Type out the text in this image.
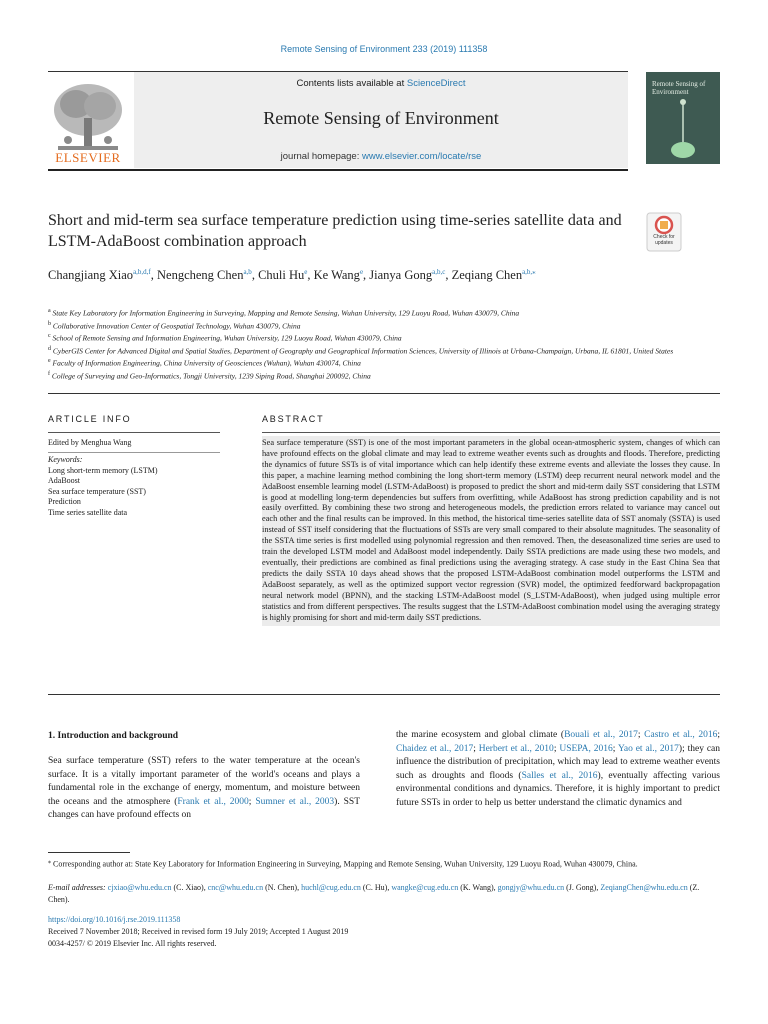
Remote Sensing of Environment 233 (2019) 111358
Contents lists available at ScienceDirect
Remote Sensing of Environment
journal homepage: www.elsevier.com/locate/rse
ELSEVIER
Remote Sensing of Environment
Short and mid-term sea surface temperature prediction using time-series satellite data and LSTM-AdaBoost combination approach	Check for updates
Changjiang Xiao$^{a,b,d,f}$, Nengcheng Chen$^{a,b}$, Chuli Hu$^e$, Ke Wang$^e$, Jianya Gong$^{a,b,c}$, Zeqiang Chen$^{a,b,⁎}$
$^a$ State Key Laboratory for Information Engineering in Surveying, Mapping and Remote Sensing, Wuhan University, 129 Luoyu Road, Wuhan 430079, China
$^b$ Collaborative Innovation Center of Geospatial Technology, Wuhan 430079, China
$^c$ School of Remote Sensing and Information Engineering, Wuhan University, 129 Luoyu Road, Wuhan 430079, China
$^d$ CyberGIS Center for Advanced Digital and Spatial Studies, Department of Geography and Geographical Information Sciences, University of Illinois at Urbana-Champaign, Urbana, IL 61801, United States
$^e$ Faculty of Information Engineering, China University of Geosciences (Wuhan), Wuhan 430074, China
$^f$ College of Surveying and Geo-Informatics, Tongji University, 1239 Siping Road, Shanghai 200092, China
ARTICLE INFO	ABSTRACT
Edited by Menghua Wang
Keywords:
Long short-term memory (LSTM)
AdaBoost
Sea surface temperature (SST)
Prediction
Time series satellite data
Sea surface temperature (SST) is one of the most important parameters in the global ocean-atmospheric system, changes of which can have profound effects on the global climate and may lead to extreme weather events such as droughts and floods. Therefore, predicting the dynamics of future SSTs is of vital importance which can help identify these extreme events and alleviate the losses they cause. In this paper, a machine learning method combining the long short-term memory (LSTM) deep recurrent neural network model and the AdaBoost ensemble learning model (LSTM-AdaBoost) is proposed to predict the short and mid-term daily SST considering that LSTM is good at modelling long-term dependencies but suffers from overfitting, while AdaBoost has strong prediction capability and is not easily overfitted. By combining these two strong and heterogeneous models, the prediction errors related to variance may cancel out each other and the final results can be improved. In this method, the historical time-series satellite data of SST anomaly (SSTA) is used instead of SST itself considering that the fluctuations of SSTs are very small compared to their absolute magnitudes. The seasonality of the SSTA time series is first modelled using polynomial regression and then removed. Then, the deseasonalized time series are used to train the developed LSTM model and AdaBoost model independently. Daily SSTA predictions are made using these two models, and eventually, their predictions are combined as final predictions using the averaging strategy. A case study in the East China Sea that predicts the daily SSTA 10 days ahead shows that the proposed LSTM-AdaBoost combination model outperforms the LSTM and AdaBoost separately, as well as the optimized support vector regression (SVR) model, the optimized feedforward backpropagation neural network model (BPNN), and the stacking LSTM-AdaBoost model (S_LSTM-AdaBoost), when judged using multiple error statistics and from different perspectives. The results suggest that the LSTM-AdaBoost combination model using the averaging strategy is highly promising for short and mid-term daily SST predictions.
1. Introduction and background
Sea surface temperature (SST) refers to the water temperature at the ocean's surface. It is a vitally important parameter of the world's oceans and plays a fundamental role in the exchange of energy, momentum, and moisture between the oceans and the atmosphere (Frank et al., 2000; Sumner et al., 2003). SST changes can have profound effects on
the marine ecosystem and global climate (Bouali et al., 2017; Castro et al., 2016; Chaidez et al., 2017; Herbert et al., 2010; USEPA, 2016; Yao et al., 2017); they can influence the distribution of precipitation, which may lead to extreme weather events such as droughts and floods (Salles et al., 2016), eventually affecting various environmental conditions and dynamics. Therefore, it is highly important to predict future SSTs in order to help us better understand the climatic dynamics and
⁎ Corresponding author at: State Key Laboratory for Information Engineering in Surveying, Mapping and Remote Sensing, Wuhan University, 129 Luoyu Road, Wuhan 430079, China.
E-mail addresses: cjxiao@whu.edu.cn (C. Xiao), cnc@whu.edu.cn (N. Chen), huchl@cug.edu.cn (C. Hu), wangke@cug.edu.cn (K. Wang), gongjy@whu.edu.cn (J. Gong), ZeqiangChen@whu.edu.cn (Z. Chen).
https://doi.org/10.1016/j.rse.2019.111358
Received 7 November 2018; Received in revised form 19 July 2019; Accepted 1 August 2019
0034-4257/ © 2019 Elsevier Inc. All rights reserved.
